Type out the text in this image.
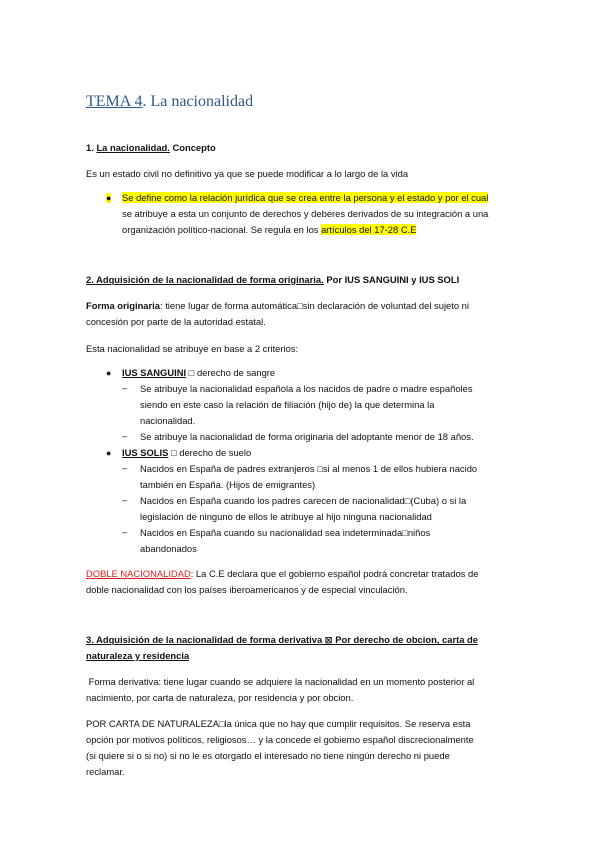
TEMA 4. La nacionalidad
1. La nacionalidad. Concepto
Es un estado civil no definitivo ya que se puede modificar a lo largo de la vida
● Se define como la relación jurídica que se crea entre la persona y el estado y por el cual
se atribuye a esta un conjunto de derechos y deberes derivados de su integración a una
organización político-nacional. Se regula en los artículos del 17-28 C.E
2. Adquisición de la nacionalidad de forma originaria. Por IUS SANGUINI y IUS SOLI
Forma originaria: tiene lugar de forma automática□sin declaración de voluntad del sujeto ni
concesión por parte de la autoridad estatal.
Esta nacionalidad se atribuye en base a 2 criterios:
● IUS SANGUINI □ derecho de sangre
– Se atribuye la nacionalidad española a los nacidos de padre o madre españoles
siendo en este caso la relación de filiación (hijo de) la que determina la
nacionalidad.
– Se atribuye la nacionalidad de forma originaria del adoptante menor de 18 años.
● IUS SOLIS □ derecho de suelo
– Nacidos en España de padres extranjeros □si al menos 1 de ellos hubiera nacido
también en España. (Hijos de emigrantes)
– Nacidos en España cuando los padres carecen de nacionalidad□(Cuba) o si la
legislación de ninguno de ellos le atribuye al hijo ninguna nacionalidad
– Nacidos en España cuando su nacionalidad sea indeterminada□niños
abandonados
DOBLE NACIONALIDAD: La C.E declara que el gobierno español podrá concretar tratados de
doble nacionalidad con los países iberoamericanos y de especial vinculación.
3. Adquisición de la nacionalidad de forma derivativa ⊠ Por derecho de obcion, carta de
naturaleza y residencia
Forma derivativa: tiene lugar cuando se adquiere la nacionalidad en un momento posterior al
nacimiento, por carta de naturaleza, por residencia y por obcion.
POR CARTA DE NATURALEZA□la única que no hay que cumplir requisitos. Se reserva esta
opción por motivos políticos, religiosos… y la concede el gobierno español discrecionalmente
(si quiere si o si no) si no le es otorgado el interesado no tiene ningún derecho ni puede
reclamar.
